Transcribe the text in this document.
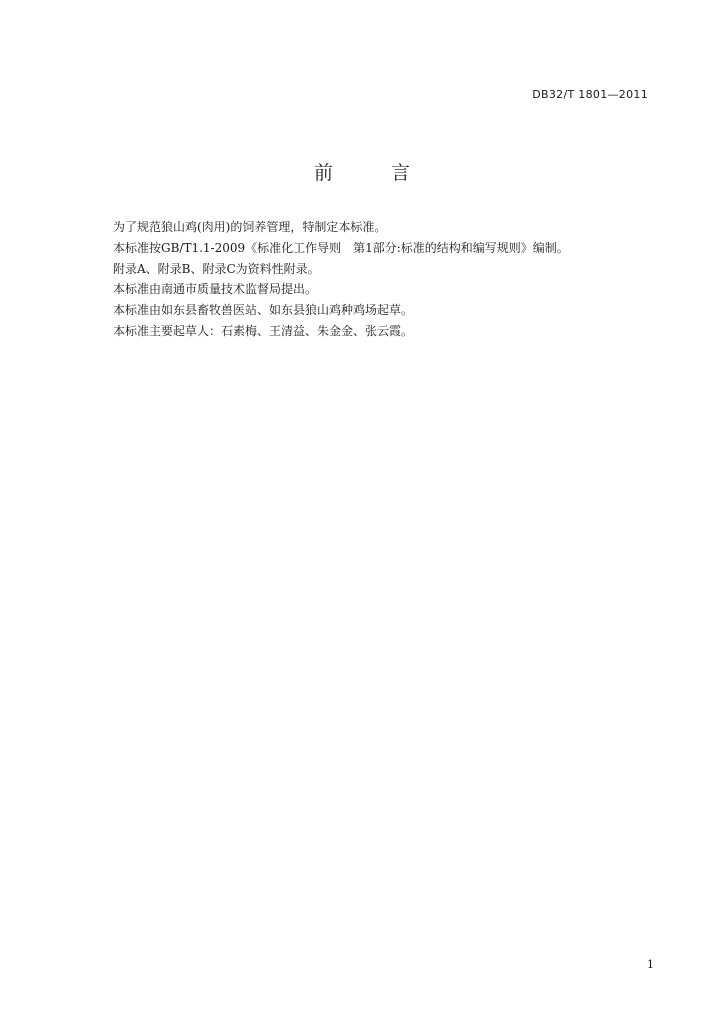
DB32/T 1801—2011
前 言
为了规范狼山鸡(肉用)的饲养管理，特制定本标准。
本标准按GB/T1.1-2009《标准化工作导则　第1部分:标准的结构和编写规则》编制。
附录A、附录B、附录C为资料性附录。
本标准由南通市质量技术监督局提出。
本标准由如东县畜牧兽医站、如东县狼山鸡种鸡场起草。
本标准主要起草人：石素梅、王清益、朱金金、张云霞。
1
